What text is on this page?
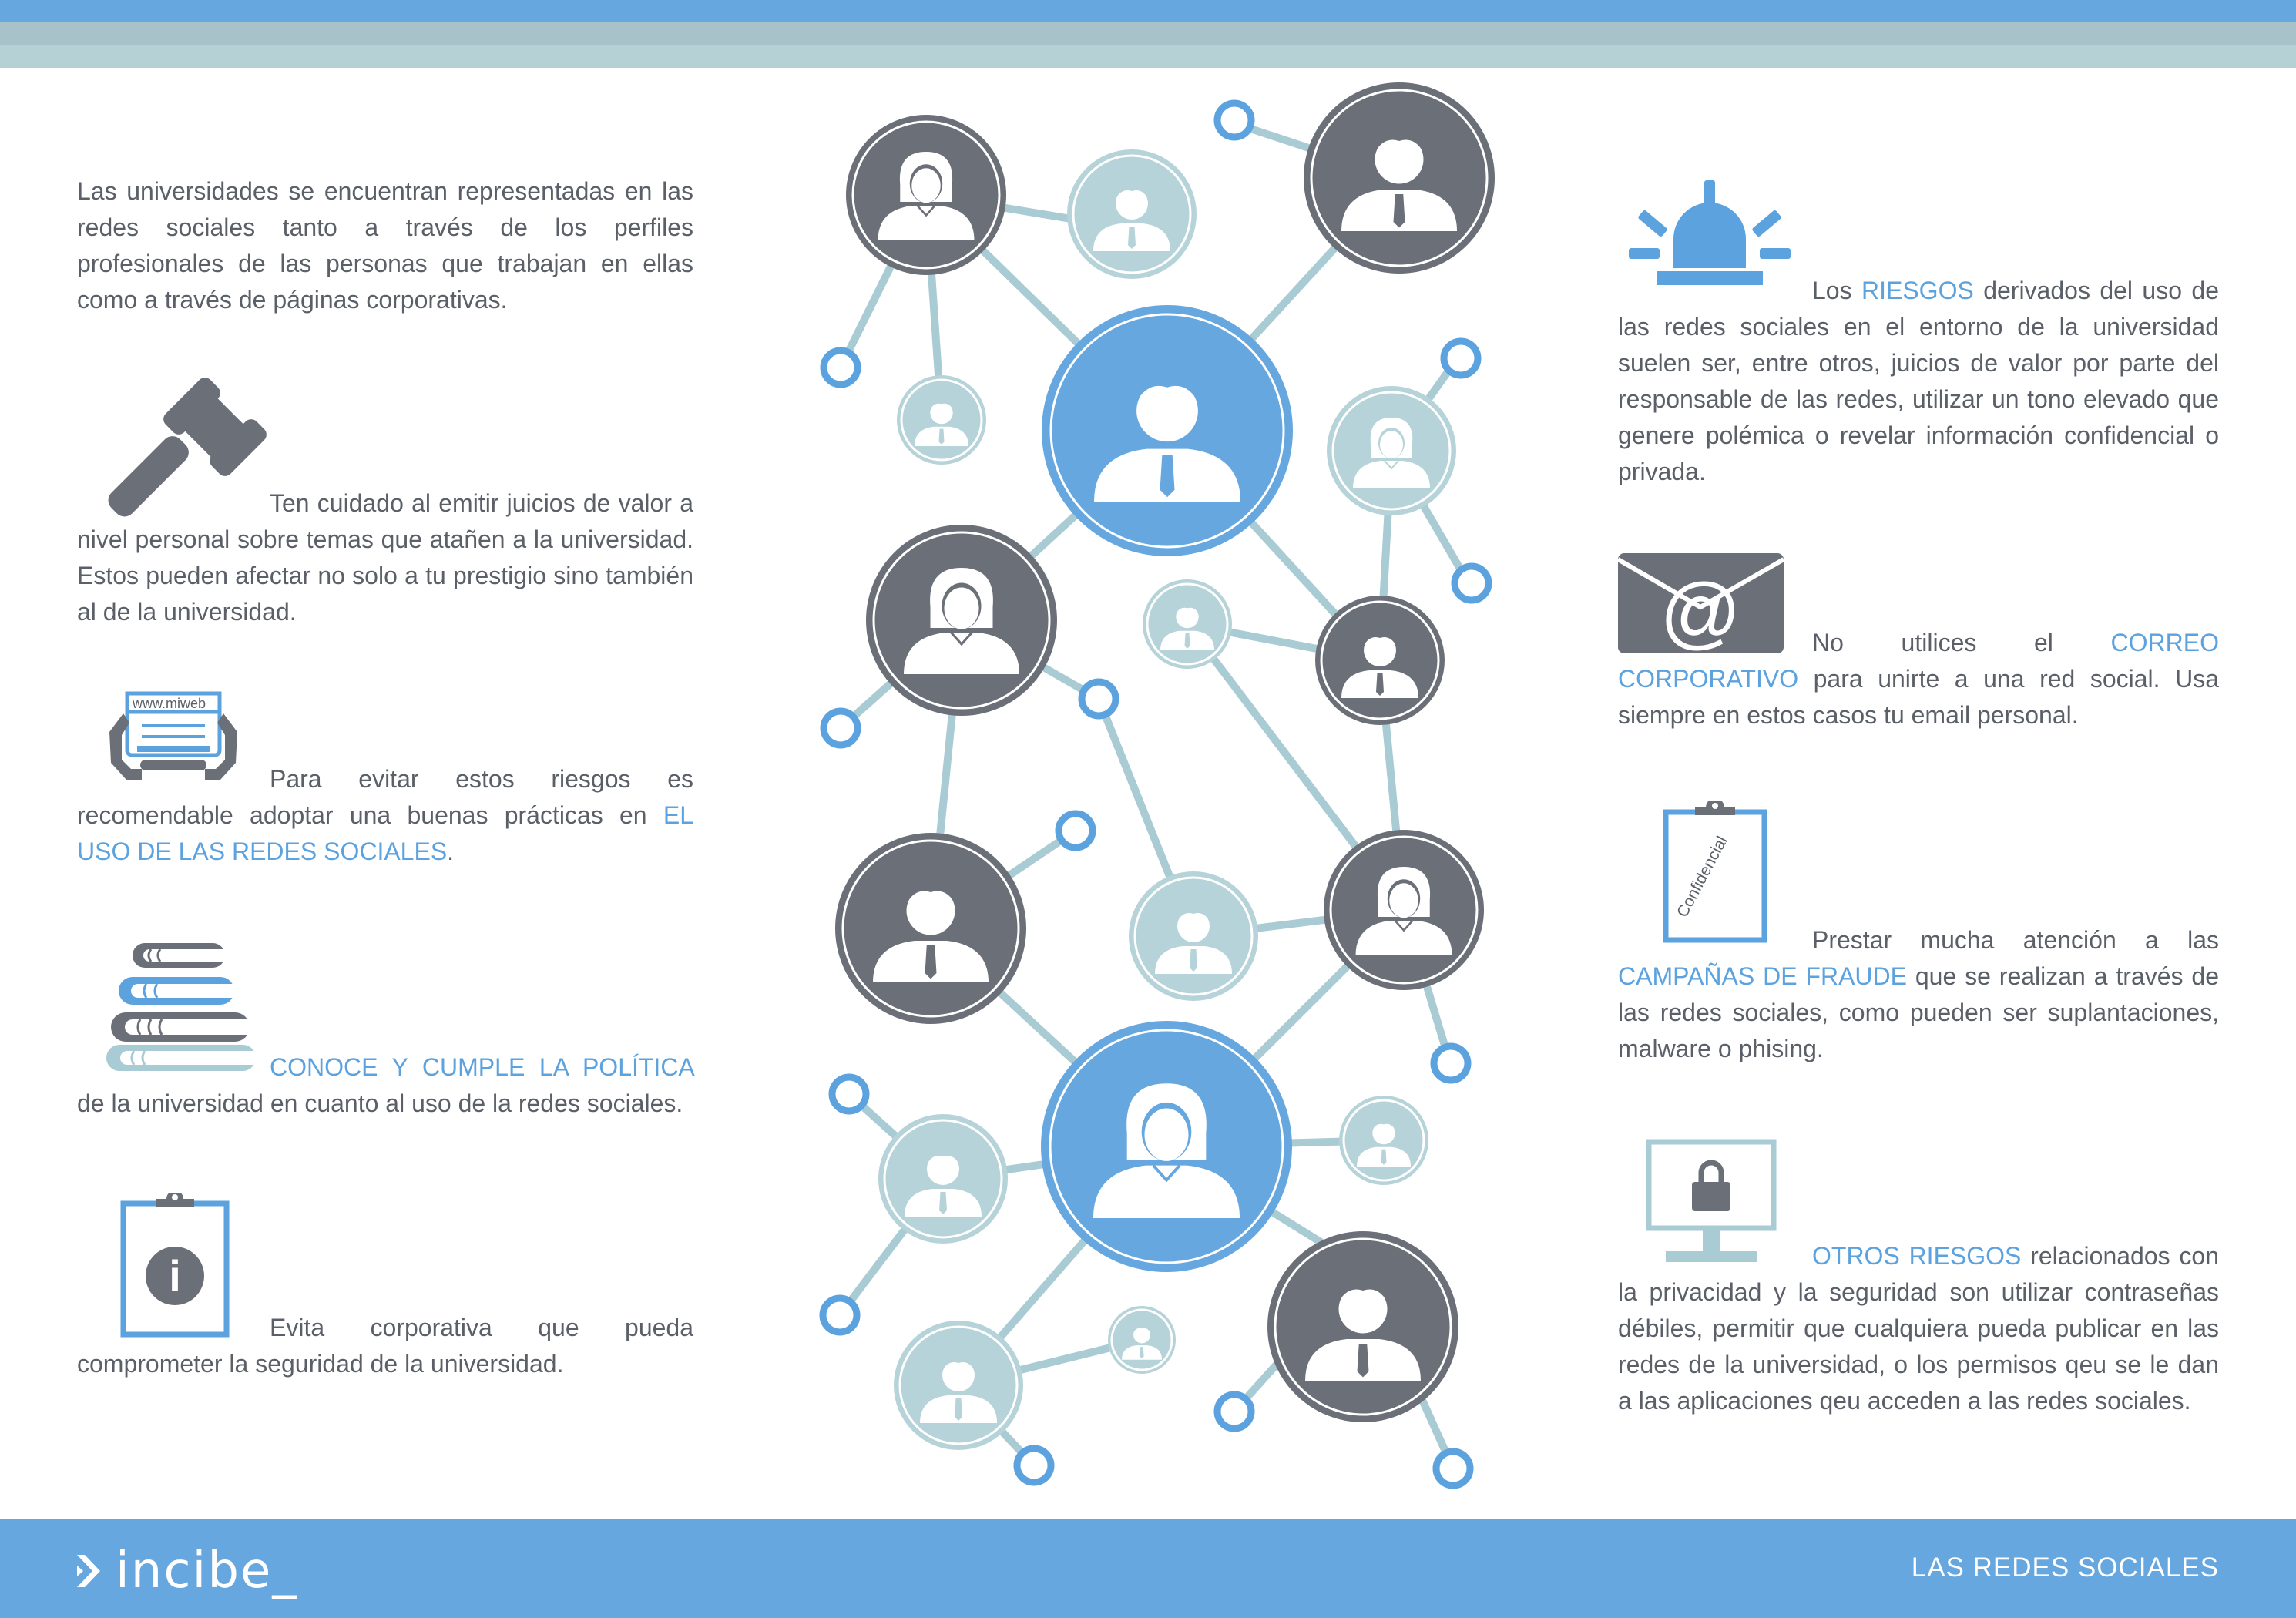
www.miweb
i
@
Confidencial
Las universidades se encuentran representadas en las redes sociales tanto a través de los perfiles profesionales de las personas que trabajan en ellas como a través de páginas corporativas.
Ten cuidado al emitir juicios de valor a nivel personal sobre temas que atañen a la universidad. Estos pueden afectar no solo a tu prestigio sino también al de la universidad.
Para evitar estos riesgos es recomendable adoptar una buenas prácticas en EL USO DE LAS REDES SOCIALES.
CONOCE Y CUMPLE LA POLÍTICA de la universidad en cuanto al uso de la redes sociales.
Evita corporativa que pueda comprometer la seguridad de la universidad.
Los RIESGOS derivados del uso de las redes sociales en el entorno de la universidad suelen ser, entre otros, juicios de valor por parte del responsable de las redes, utilizar un tono elevado que genere polémica o revelar información confidencial o privada.
No utilices el CORREO CORPORATIVO para unirte a una red social. Usa siempre en estos casos tu email personal.
Prestar mucha atención a las CAMPAÑAS DE FRAUDE que se realizan a través de las redes sociales, como pueden ser suplantaciones, malware o phising.
OTROS RIESGOS relacionados con la privacidad y la seguridad son utilizar contraseñas débiles, permitir que cualquiera pueda publicar en las redes de la universidad, o los permisos qeu se le dan a las aplicaciones qeu acceden a las redes sociales.
incibe_	LAS REDES SOCIALES
